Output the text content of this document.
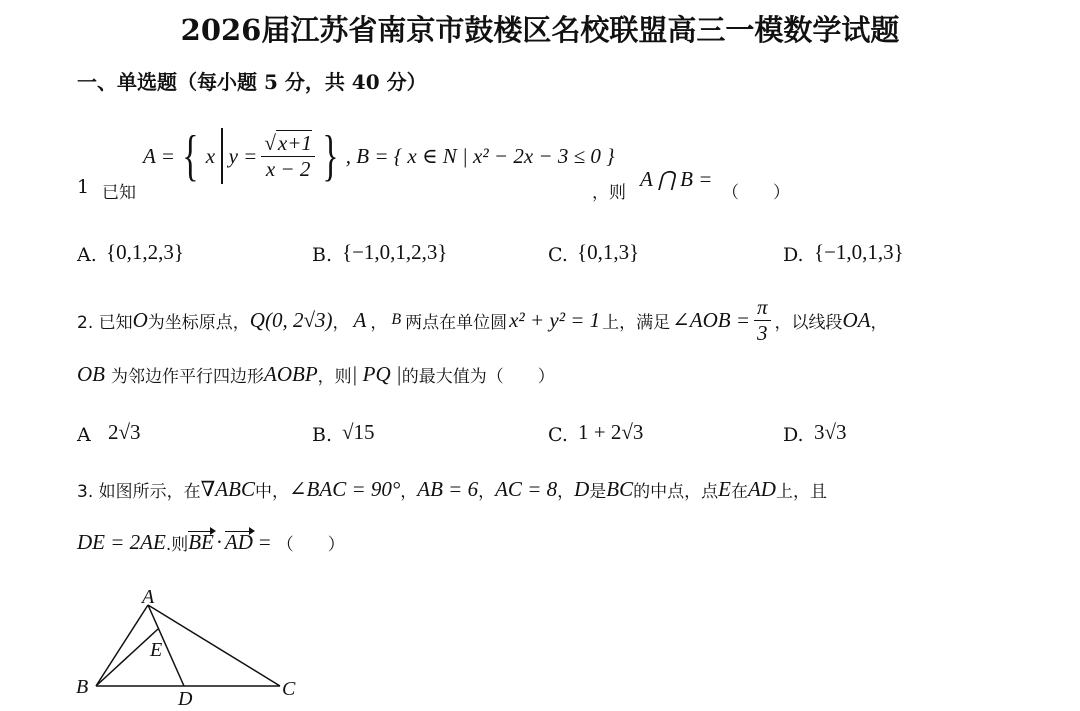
2026届江苏省南京市鼓楼区名校联盟高三一模数学试题
一、单选题（每小题 5 分，共 40 分）
1 已知
A = { x $y = \frac{√x+1}{x - 2}$ } , B = { x ∈ N | x² − 2x − 3 ≤ 0 }
，则
A ⋂ B =
（　　）
A. {0,1,2,3}	B. {−1,0,1,2,3}	C. {0,1,3}	D. {−1,0,1,3}
2. 已知 O 为坐标原点， Q(0, 2√3) ， A ， B 两点在单位圆 x² + y² = 1 上，满足 ∠AOB = $\frac{\pi}{3}$ ，以线段 OA ，
OB 为邻边作平行四边形 AOBP ，则 | PQ | 的最大值为（　　）
A 2√3	B. √15	C. 1 + 2√3	D. 3√3
3. 如图所示，在 ∇ABC 中， ∠BAC = 90° ， AB = 6 ， AC = 8 ， D 是 BC 的中点，点 E 在 AD 上，且
DE = 2AE .则 BE · AD = （　　）
A
B	C
D
E
